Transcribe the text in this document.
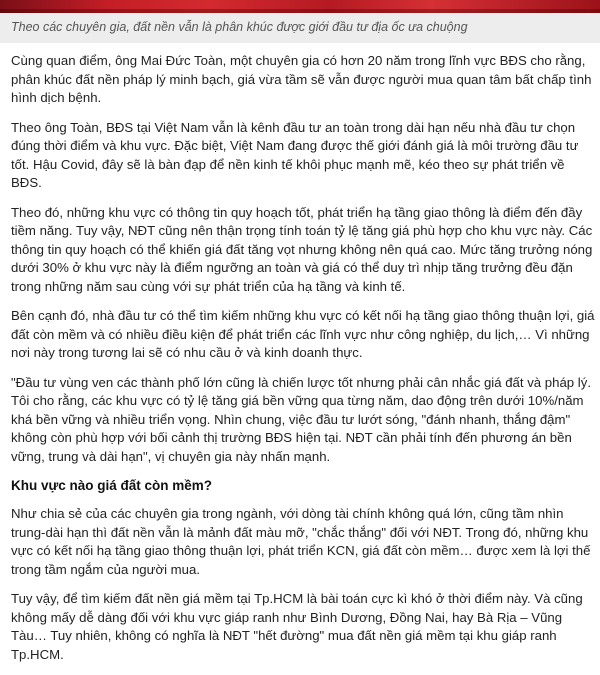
Theo các chuyên gia, đất nền vẫn là phân khúc được giới đầu tư địa ốc ưa chuộng

Cùng quan điểm, ông Mai Đức Toàn, một chuyên gia có hơn 20 năm trong lĩnh vực BĐS cho rằng, phân khúc đất nền pháp lý minh bạch, giá vừa tầm sẽ vẫn được người mua quan tâm bất chấp tình hình dịch bệnh.

Theo ông Toàn, BĐS tại Việt Nam vẫn là kênh đầu tư an toàn trong dài hạn nếu nhà đầu tư chọn đúng thời điểm và khu vực. Đặc biệt, Việt Nam đang được thế giới đánh giá là môi trường đầu tư tốt. Hậu Covid, đây sẽ là bàn đạp để nền kinh tế khôi phục mạnh mẽ, kéo theo sự phát triển về BĐS.

Theo đó, những khu vực có thông tin quy hoạch tốt, phát triển hạ tầng giao thông là điểm đến đầy tiềm năng. Tuy vậy, NĐT cũng nên thận trọng tính toán tỷ lệ tăng giá phù hợp cho khu vực này. Các thông tin quy hoạch có thể khiến giá đất tăng vọt nhưng không nên quá cao. Mức tăng trưởng nóng dưới 30% ở khu vực này là điểm ngưỡng an toàn và giá có thể duy trì nhịp tăng trưởng đều đặn trong những năm sau cùng với sự phát triển của hạ tầng và kinh tế.

Bên cạnh đó, nhà đầu tư có thể tìm kiếm những khu vực có kết nối hạ tầng giao thông thuận lợi, giá đất còn mềm và có nhiều điều kiện để phát triển các lĩnh vực như công nghiệp, du lịch,… Vì những nơi này trong tương lai sẽ có nhu cầu ở và kinh doanh thực.

"Đầu tư vùng ven các thành phố lớn cũng là chiến lược tốt nhưng phải cân nhắc giá đất và pháp lý. Tôi cho rằng, các khu vực có tỷ lệ tăng giá bền vững qua từng năm, dao động trên dưới 10%/năm khá bền vững và nhiều triển vọng. Nhìn chung, việc đầu tư lướt sóng, "đánh nhanh, thắng đậm" không còn phù hợp với bối cảnh thị trường BĐS hiện tại. NĐT cần phải tính đến phương án bền vững, trung và dài hạn", vị chuyên gia này nhấn mạnh.

Khu vực nào giá đất còn mềm?

Như chia sẻ của các chuyên gia trong ngành, với dòng tài chính không quá lớn, cũng tầm nhìn trung-dài hạn thì đất nền vẫn là mảnh đất màu mỡ, "chắc thắng" đối với NĐT. Trong đó, những khu vực có kết nối hạ tầng giao thông thuận lợi, phát triển KCN, giá đất còn mềm… được xem là lợi thế trong tầm ngắm của người mua.

Tuy vậy, để tìm kiếm đất nền giá mềm tại Tp.HCM là bài toán cực kì khó ở thời điểm này. Và cũng không mấy dễ dàng đối với khu vực giáp ranh như Bình Dương, Đồng Nai, hay Bà Rịa – Vũng Tàu… Tuy nhiên, không có nghĩa là NĐT "hết đường" mua đất nền giá mềm tại khu giáp ranh Tp.HCM.
